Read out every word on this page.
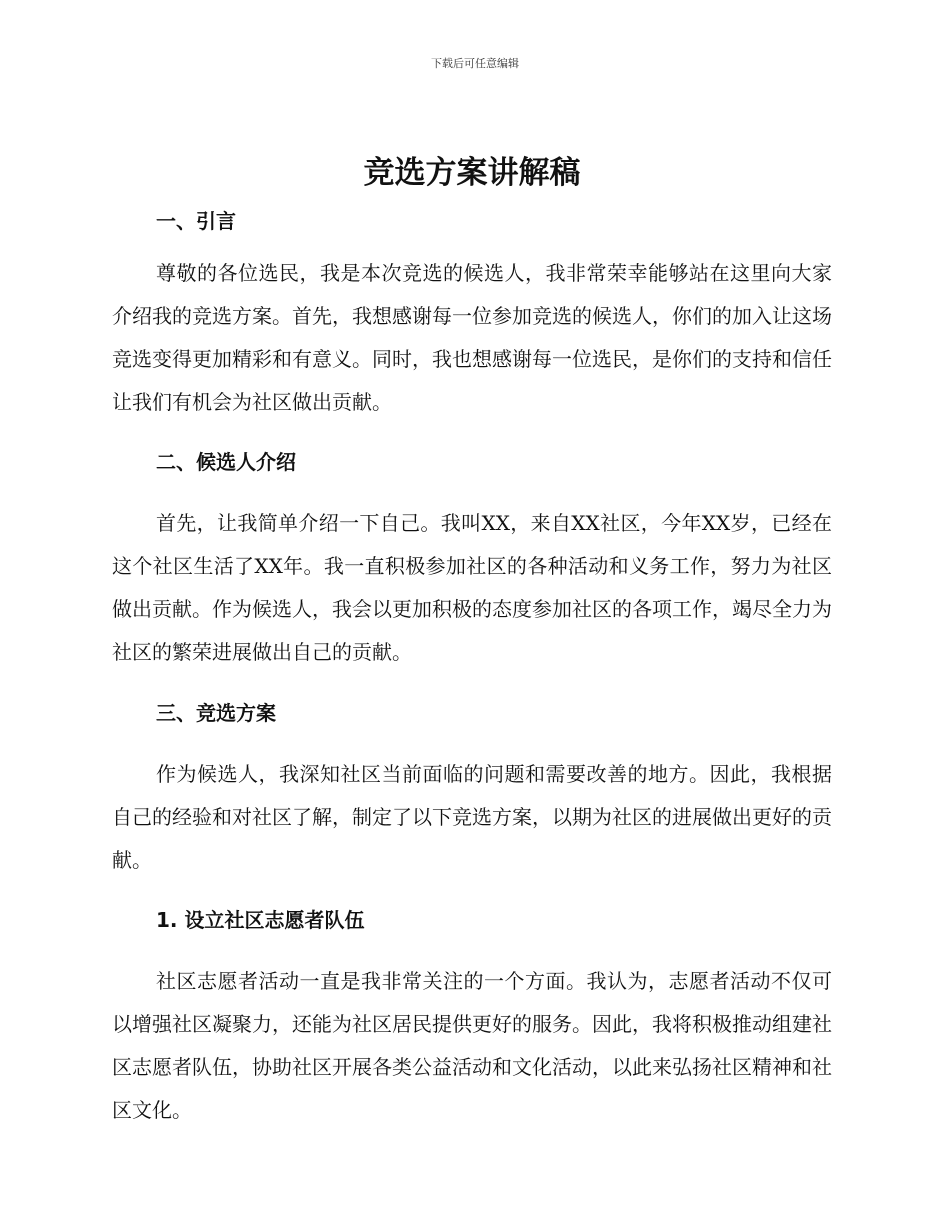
下载后可任意编辑
竞选方案讲解稿
一、引言

尊敬的各位选民，我是本次竞选的候选人，我非常荣幸能够站在这里向大家介绍我的竞选方案。首先，我想感谢每一位参加竞选的候选人，你们的加入让这场竞选变得更加精彩和有意义。同时，我也想感谢每一位选民，是你们的支持和信任让我们有机会为社区做出贡献。

二、候选人介绍

首先，让我简单介绍一下自己。我叫XX，来自XX社区，今年XX岁，已经在这个社区生活了XX年。我一直积极参加社区的各种活动和义务工作，努力为社区做出贡献。作为候选人，我会以更加积极的态度参加社区的各项工作，竭尽全力为社区的繁荣进展做出自己的贡献。

三、竞选方案

作为候选人，我深知社区当前面临的问题和需要改善的地方。因此，我根据自己的经验和对社区了解，制定了以下竞选方案，以期为社区的进展做出更好的贡献。

1. 设立社区志愿者队伍

社区志愿者活动一直是我非常关注的一个方面。我认为，志愿者活动不仅可以增强社区凝聚力，还能为社区居民提供更好的服务。因此，我将积极推动组建社区志愿者队伍，协助社区开展各类公益活动和文化活动，以此来弘扬社区精神和社区文化。
